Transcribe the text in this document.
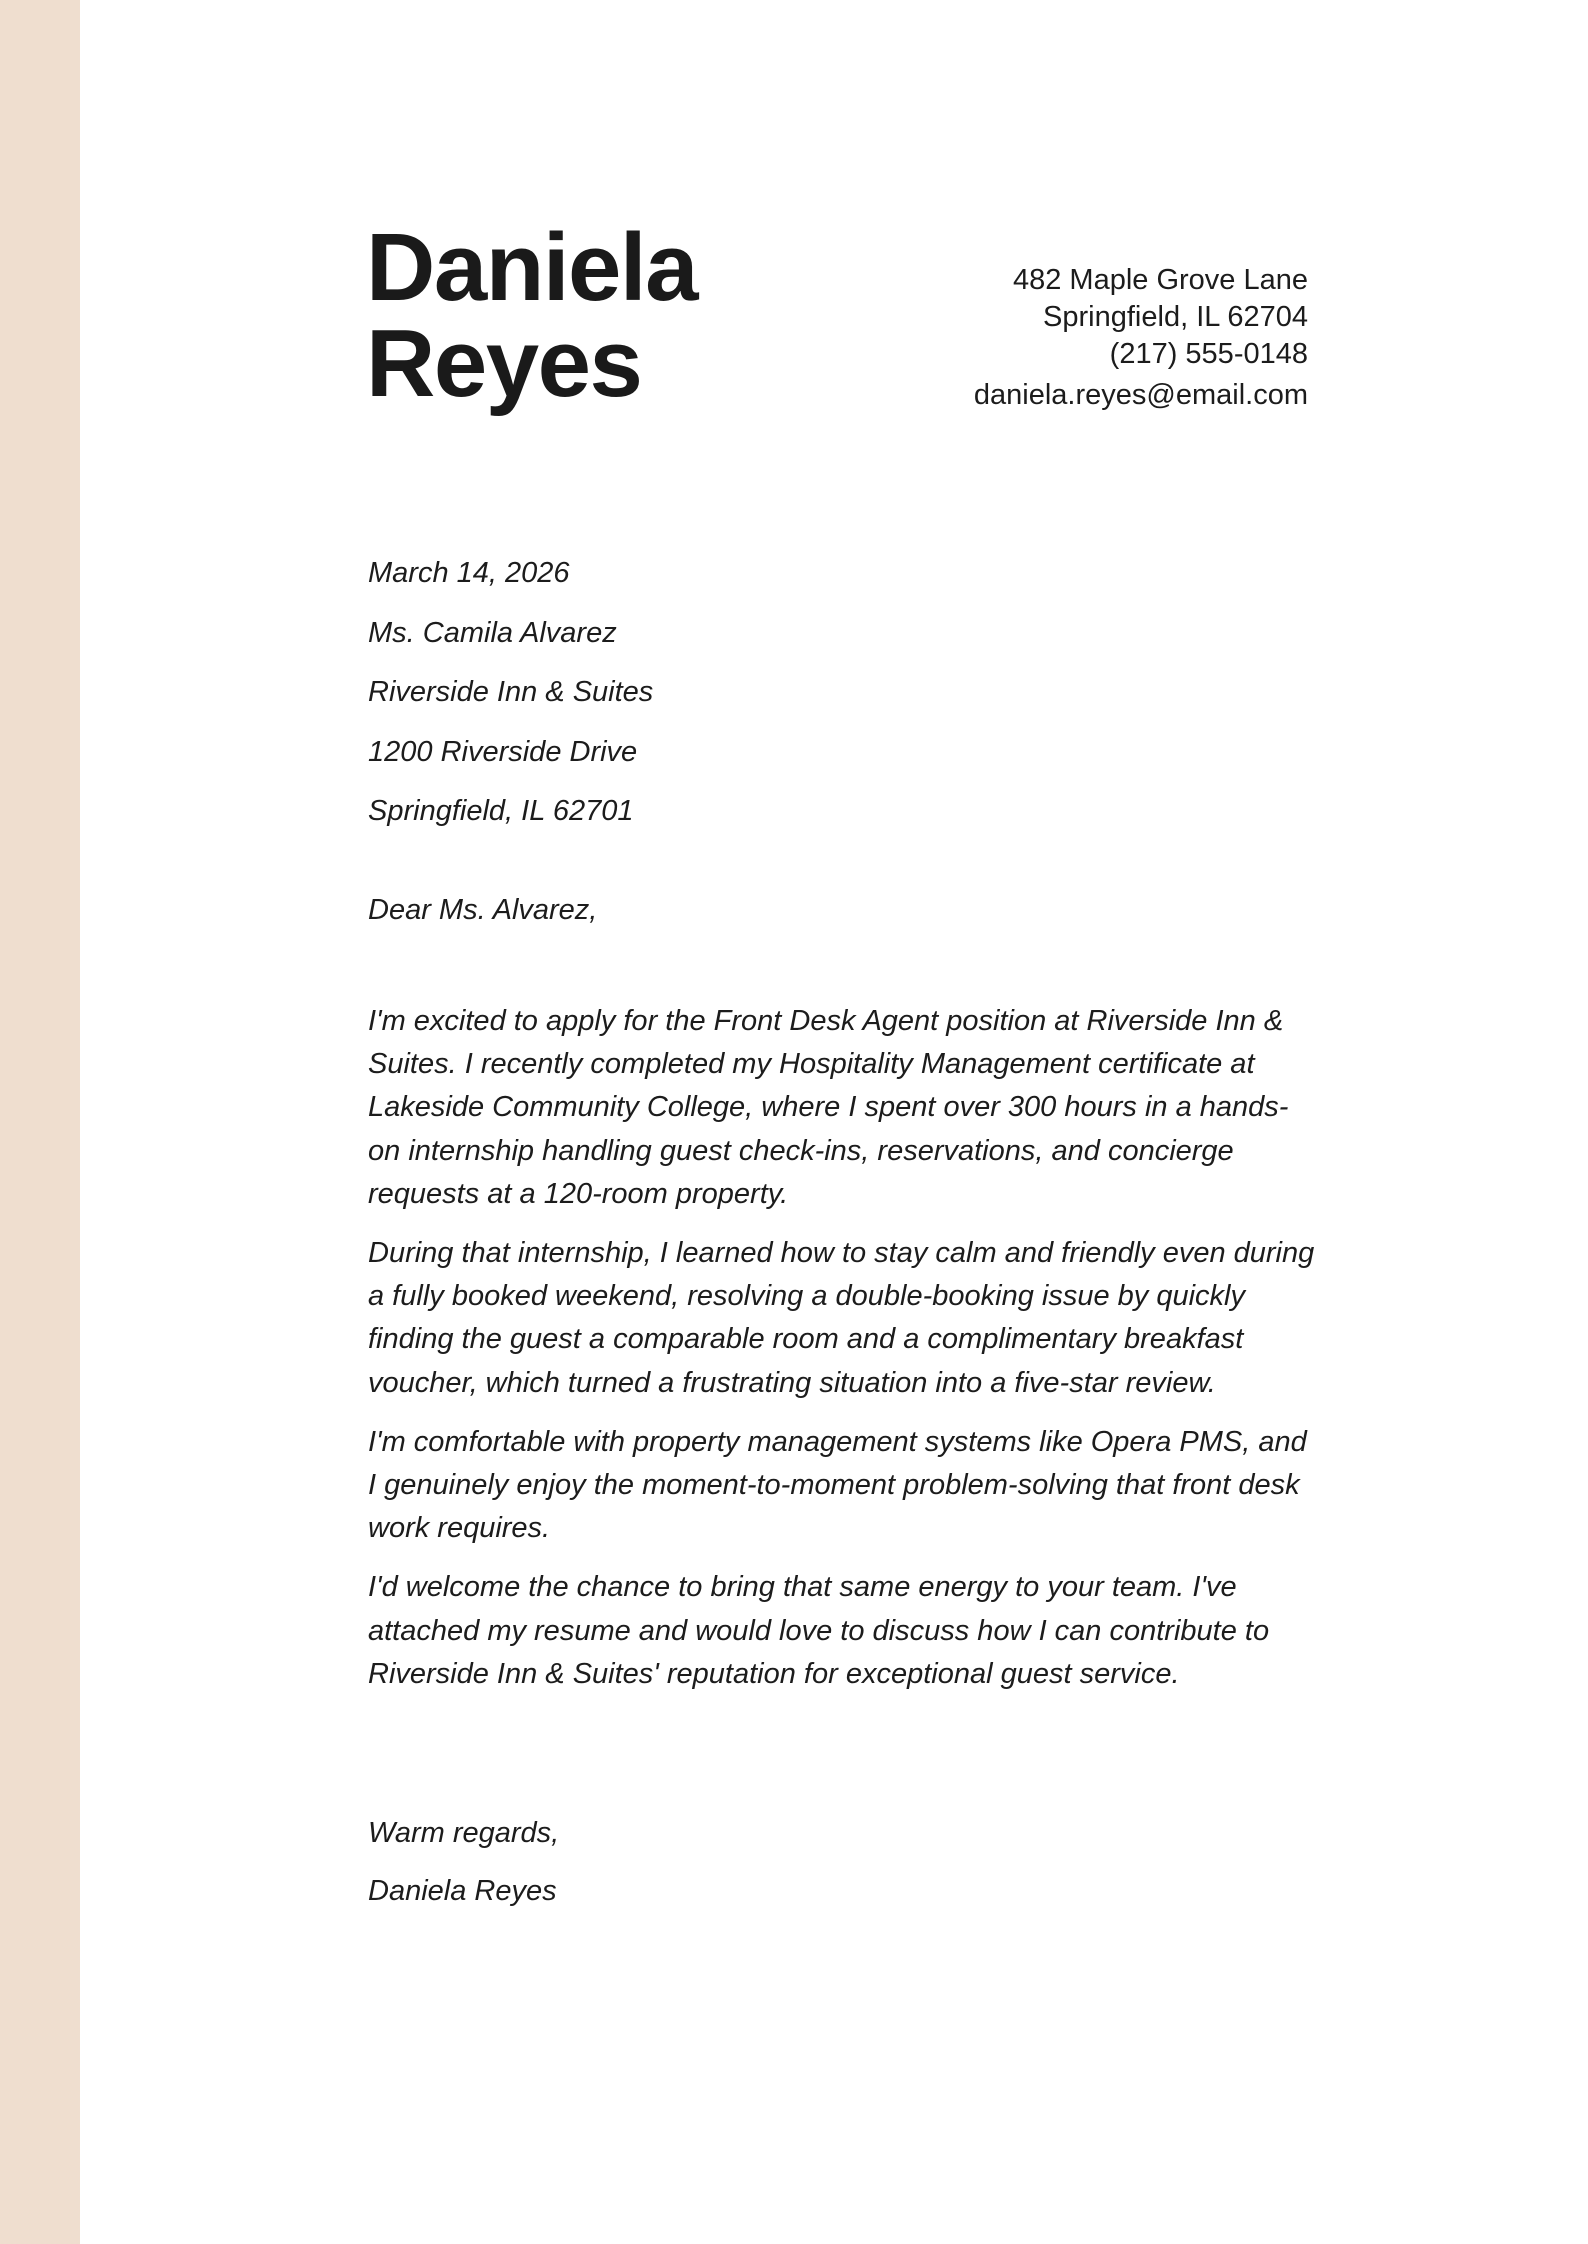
Daniela
Reyes
482 Maple Grove Lane
Springfield, IL 62704
(217) 555-0148
daniela.reyes@email.com
March 14, 2026
Ms. Camila Alvarez
Riverside Inn & Suites
1200 Riverside Drive
Springfield, IL 62701
Dear Ms. Alvarez,

I'm excited to apply for the Front Desk Agent position at Riverside Inn & Suites. I recently completed my Hospitality Management certificate at Lakeside Community College, where I spent over 300 hours in a hands-on internship handling guest check-ins, reservations, and concierge requests at a 120-room property.

During that internship, I learned how to stay calm and friendly even during a fully booked weekend, resolving a double-booking issue by quickly finding the guest a comparable room and a complimentary breakfast voucher, which turned a frustrating situation into a five-star review.

I'm comfortable with property management systems like Opera PMS, and I genuinely enjoy the moment-to-moment problem-solving that front desk work requires.

I'd welcome the chance to bring that same energy to your team. I've attached my resume and would love to discuss how I can contribute to Riverside Inn & Suites' reputation for exceptional guest service.

Warm regards,
Daniela Reyes
